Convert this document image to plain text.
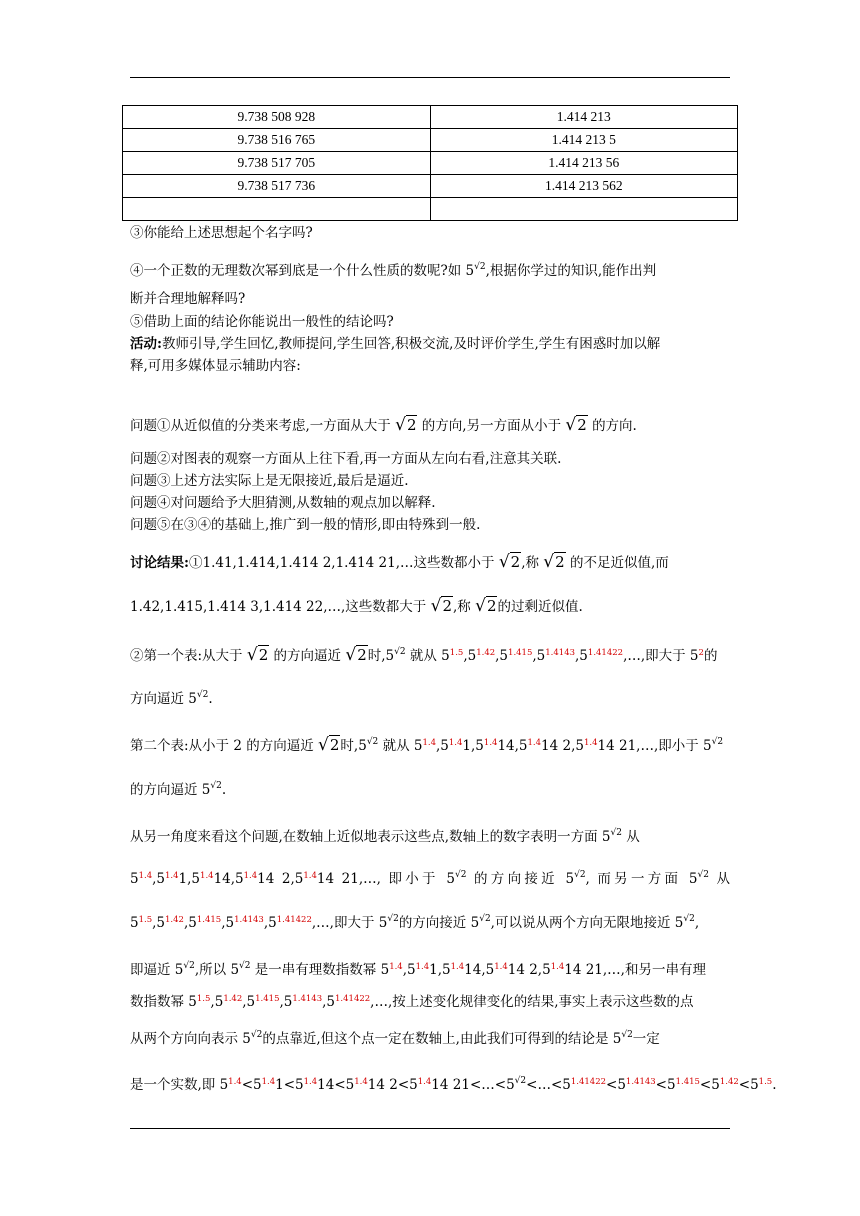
9.738 508 928	1.414 213
9.738 516 765	1.414 213 5
9.738 517 705	1.414 213 56
9.738 517 736	1.414 213 562

③你能给上述思想起个名字吗?
④一个正数的无理数次幂到底是一个什么性质的数呢?如 $5^{√2}$,根据你学过的知识,能作出判
断并合理地解释吗?
⑤借助上面的结论你能说出一般性的结论吗?
活动:教师引导,学生回忆,教师提问,学生回答,积极交流,及时评价学生,学生有困惑时加以解
释,可用多媒体显示辅助内容:
问题①从近似值的分类来考虑,一方面从大于 √2 的方向,另一方面从小于 √2 的方向.
问题②对图表的观察一方面从上往下看,再一方面从左向右看,注意其关联.
问题③上述方法实际上是无限接近,最后是逼近.
问题④对问题给予大胆猜测,从数轴的观点加以解释.
问题⑤在③④的基础上,推广到一般的情形,即由特殊到一般.
讨论结果:①1.41,1.414,1.414 2,1.414 21,…这些数都小于 √2,称 √2 的不足近似值,而
1.42,1.415,1.414 3,1.414 22,…,这些数都大于 √2,称 √2的过剩近似值.
②第一个表:从大于 √2 的方向逼近 √2时$,5^{√2}$ 就从 $5^{1.5},5^{1.42},5^{1.415},5^{1.4143},5^{1.41422},\dots$,即大于 $5^2$的
方向逼近 $5^{√2}$.
第二个表:从小于 2 的方向逼近 √2时$,5^{√2}$ 就从 $5^{1.4},5^{1.4}1,5^{1.4}14,5^{1.4}14$ $2,5^{1.4}14$ 21,…,即小于 $5^{√2}$
的方向逼近 $5^{√2}$.
从另一角度来看这个问题,在数轴上近似地表示这些点,数轴上的数字表明一方面 $5^{√2}$ 从
$5^{1.4},5^{1.4}1,5^{1.4}14,5^{1.4}14$ $2,5^{1.4}14$ 21,…, 即小于 $5^{√2}$ 的方向接近 $5^{√2}$, 而另一方面 $5^{√2}$ 从
$5^{1.5},5^{1.42},5^{1.415},5^{1.4143},5^{1.41422},\dots$,即大于 $5^{√2}$的方向接近 $5^{√2}$,可以说从两个方向无限地接近 $5^{√2}$,
即逼近 $5^{√2}$,所以 $5^{√2}$ 是一串有理数指数幂 $5^{1.4},5^{1.4}1,5^{1.4}14,5^{1.4}14$ $2,5^{1.4}14$ 21,…,和另一串有理
数指数幂 $5^{1.5},5^{1.42},5^{1.415},5^{1.4143},5^{1.41422},\dots$,按上述变化规律变化的结果,事实上表示这些数的点
从两个方向向表示 $5^{√2}$的点靠近,但这个点一定在数轴上,由此我们可得到的结论是 $5^{√2}$一定
是一个实数,即 $5^{1.4}<5^{1.4}1<5^{1.4}14<5^{1.4}14$ $2<5^{1.4}14$ $21<\dots<5^{√2}<\dots<5^{1.41422}<5^{1.4143}<5^{1.415}<5^{1.42}<5^{1.5}$.
